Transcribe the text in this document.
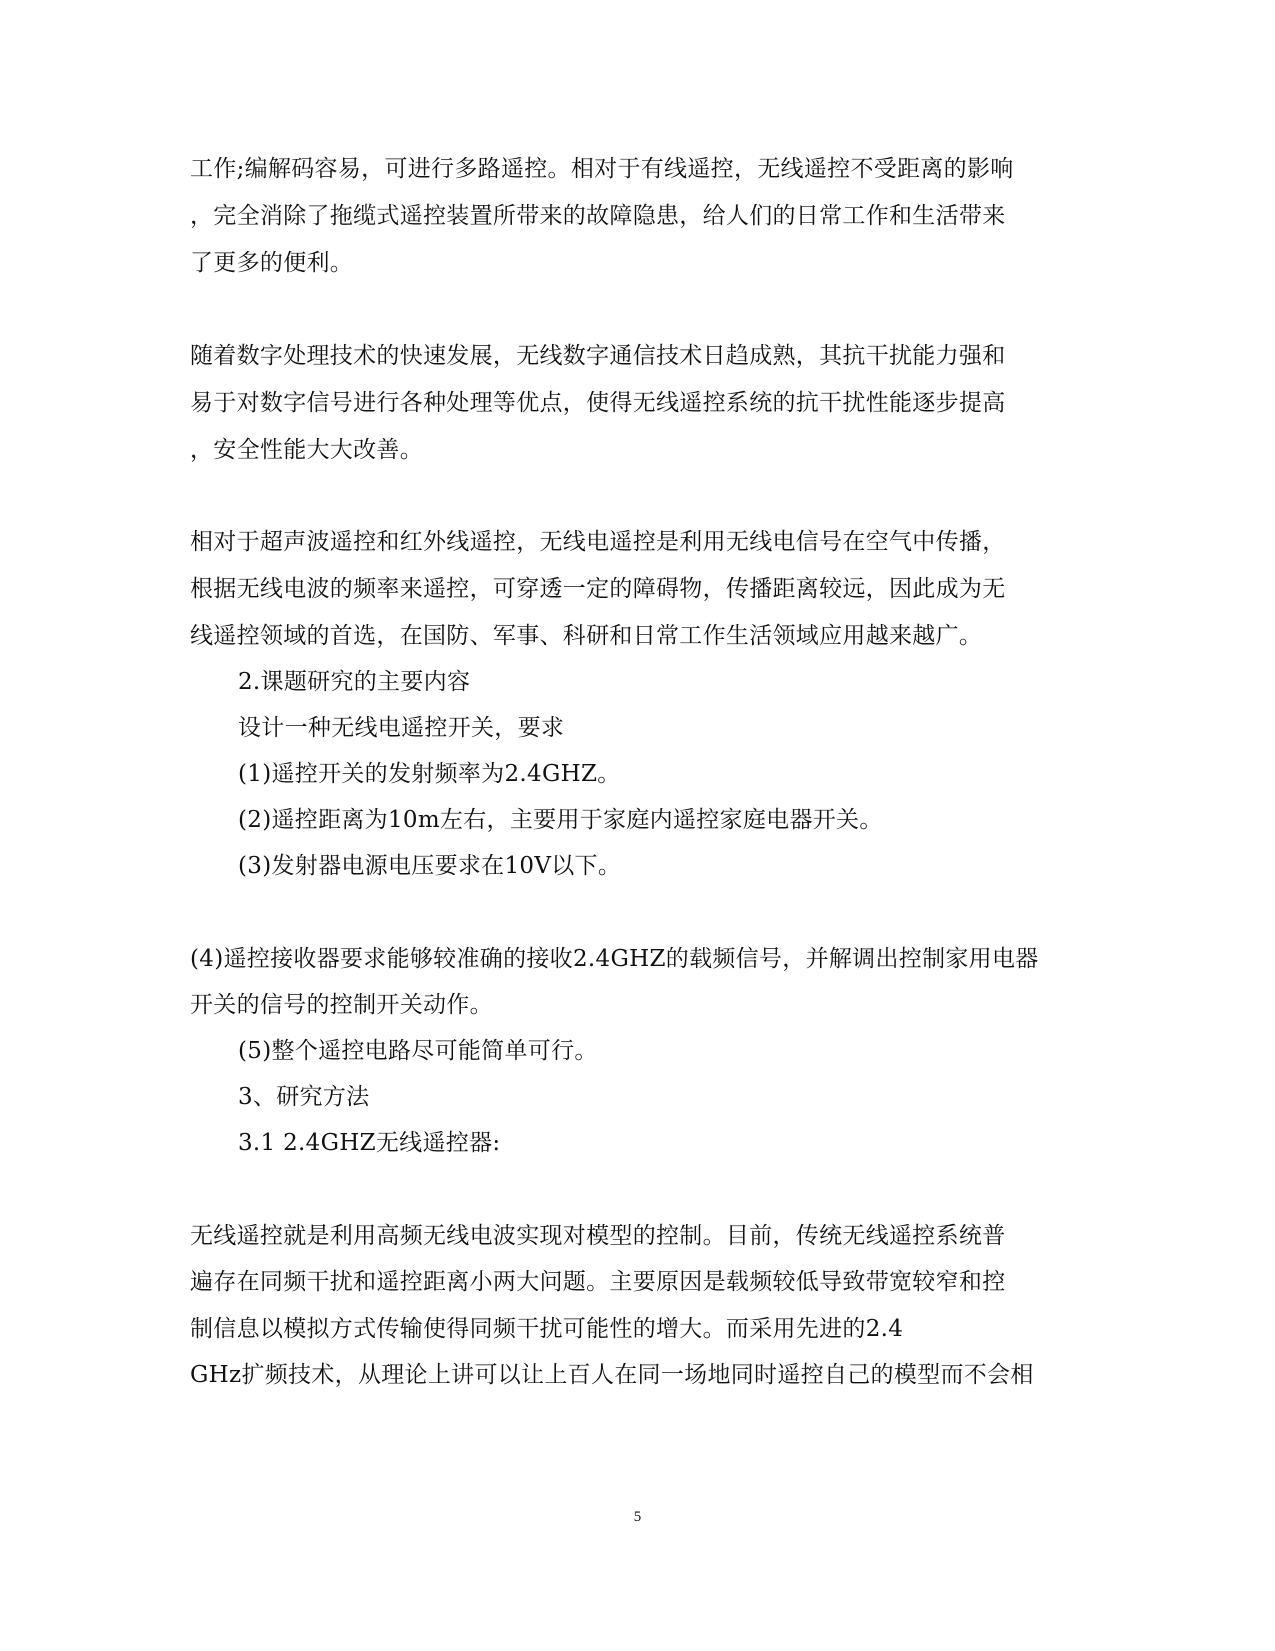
工作;编解码容易，可进行多路遥控。相对于有线遥控，无线遥控不受距离的影响
，完全消除了拖缆式遥控装置所带来的故障隐患，给人们的日常工作和生活带来
了更多的便利。
随着数字处理技术的快速发展，无线数字通信技术日趋成熟，其抗干扰能力强和
易于对数字信号进行各种处理等优点，使得无线遥控系统的抗干扰性能逐步提高
，安全性能大大改善。
相对于超声波遥控和红外线遥控，无线电遥控是利用无线电信号在空气中传播，
根据无线电波的频率来遥控，可穿透一定的障碍物，传播距离较远，因此成为无
线遥控领域的首选，在国防、军事、科研和日常工作生活领域应用越来越广。
2.课题研究的主要内容
设计一种无线电遥控开关，要求
(1)遥控开关的发射频率为2.4GHZ。
(2)遥控距离为10m左右，主要用于家庭内遥控家庭电器开关。
(3)发射器电源电压要求在10V以下。
(4)遥控接收器要求能够较准确的接收2.4GHZ的载频信号，并解调出控制家用电器
开关的信号的控制开关动作。
(5)整个遥控电路尽可能简单可行。
3、研究方法
3.1 2.4GHZ无线遥控器:
无线遥控就是利用高频无线电波实现对模型的控制。目前，传统无线遥控系统普
遍存在同频干扰和遥控距离小两大问题。主要原因是载频较低导致带宽较窄和控
制信息以模拟方式传输使得同频干扰可能性的增大。而采用先进的2.4
GHz扩频技术，从理论上讲可以让上百人在同一场地同时遥控自己的模型而不会相
5
